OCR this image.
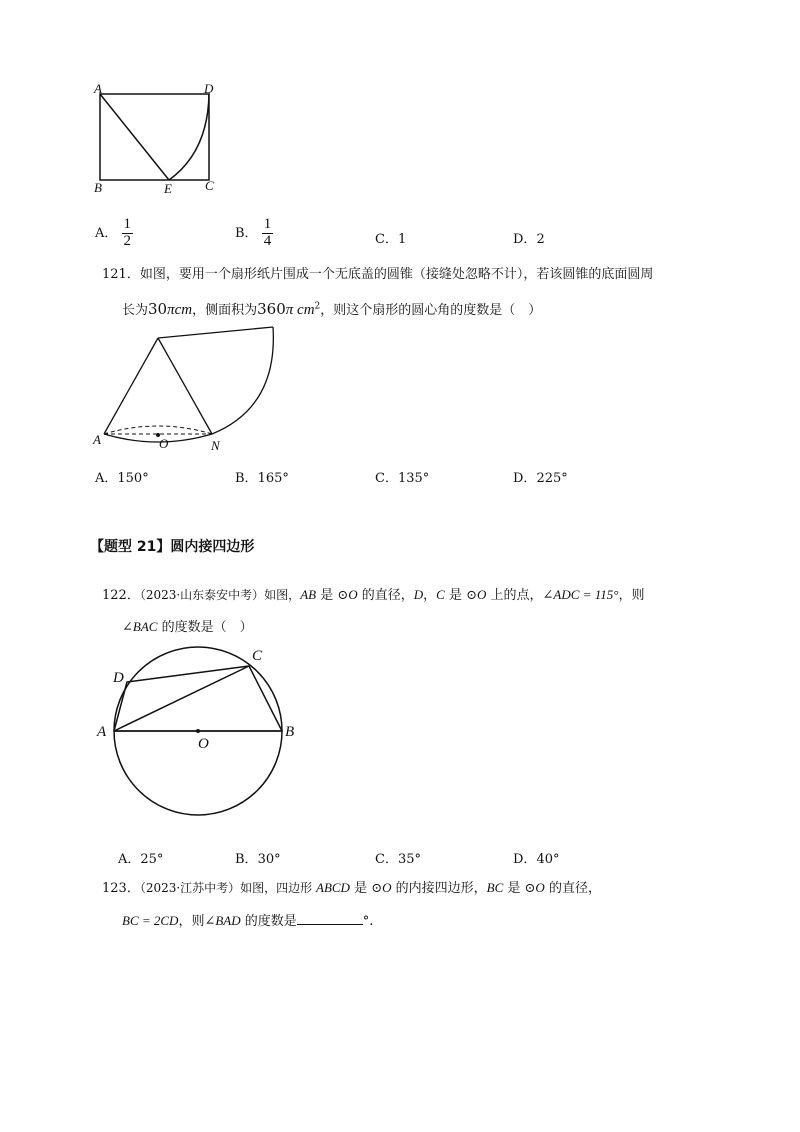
A	D
B	E	C
A． $\frac{1}{2}$	B． $\frac{1}{4}$	C．1	D．2
121．如图，要用一个扇形纸片围成一个无底盖的圆锥（接缝处忽略不计），若该圆锥的底面圆周
长为30πcm，侧面积为360π $cm^2$，则这个扇形的圆心角的度数是（　）
A	O	N
A．150°	B．165°	C．135°	D．225°
【题型 21】圆内接四边形
122．（2023·山东泰安中考）如图，AB 是 ⊙O 的直径，D，C 是 ⊙O 上的点，∠ADC = 115°，则
∠BAC 的度数是（　）
A	B
C
D
O
A．25°	B．30°	C．35°	D．40°
123．（2023·江苏中考）如图，四边形 ABCD 是 ⊙O 的内接四边形，BC 是 ⊙O 的直径，
BC = 2CD，则∠BAD 的度数是	°.
